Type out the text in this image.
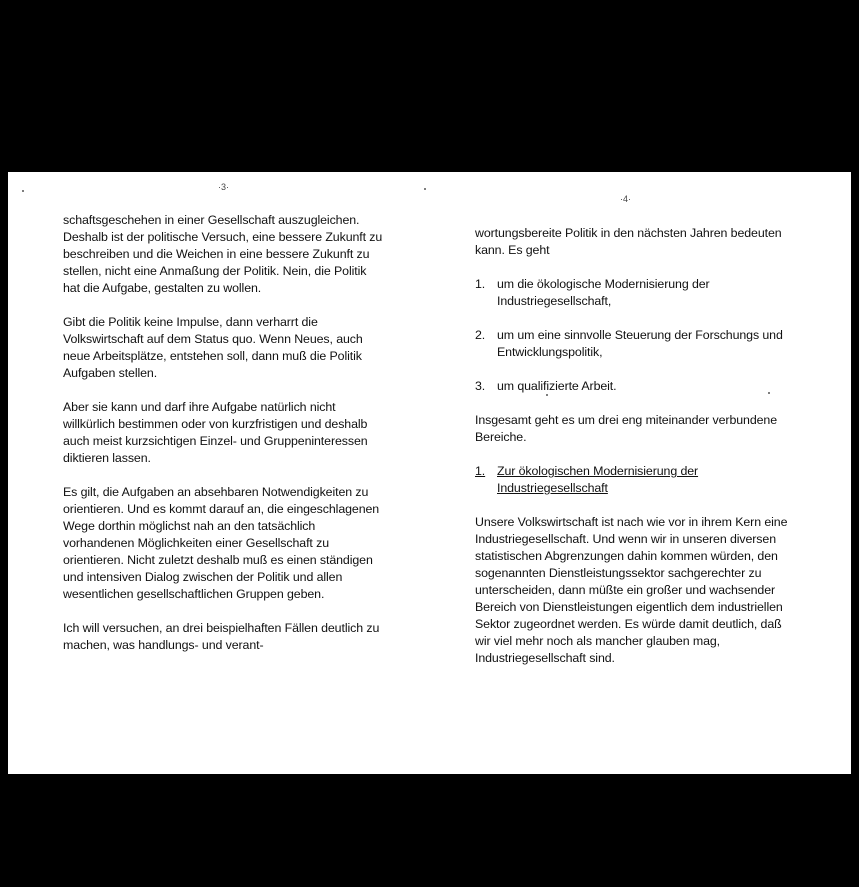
·3·

schaftsgeschehen in einer Gesellschaft auszugleichen. Deshalb ist der politische Versuch, eine bessere Zukunft zu beschreiben und die Weichen in eine bessere Zukunft zu stellen, nicht eine Anmaßung der Politik. Nein, die Politik hat die Aufgabe, gestalten zu wollen.

Gibt die Politik keine Impulse, dann verharrt die Volkswirtschaft auf dem Status quo. Wenn Neues, auch neue Arbeitsplätze, entstehen soll, dann muß die Politik Aufgaben stellen.

Aber sie kann und darf ihre Aufgabe natürlich nicht willkürlich bestimmen oder von kurzfristigen und deshalb auch meist kurzsichtigen Einzel- und Gruppeninteressen diktieren lassen.

Es gilt, die Aufgaben an absehbaren Notwendigkeiten zu orientieren. Und es kommt darauf an, die eingeschlagenen Wege dorthin möglichst nah an den tatsächlich vorhandenen Möglichkeiten einer Gesellschaft zu orientieren. Nicht zuletzt deshalb muß es einen ständigen und intensiven Dialog zwischen der Politik und allen wesentlichen gesellschaftlichen Gruppen geben.

Ich will versuchen, an drei beispielhaften Fällen deutlich zu machen, was handlungs- und verant-

·4·

wortungsbereite Politik in den nächsten Jahren bedeuten kann. Es geht

1. um die ökologische Modernisierung der Industriegesellschaft,
2. um um eine sinnvolle Steuerung der Forschungs und Entwicklungspolitik,
3. um qualifizierte Arbeit.

Insgesamt geht es um drei eng miteinander verbundene Bereiche.

1. Zur ökologischen Modernisierung der Industriegesellschaft

Unsere Volkswirtschaft ist nach wie vor in ihrem Kern eine Industriegesellschaft. Und wenn wir in unseren diversen statistischen Abgrenzungen dahin kommen würden, den sogenannten Dienstleistungssektor sachgerechter zu unterscheiden, dann müßte ein großer und wachsender Bereich von Dienstleistungen eigentlich dem industriellen Sektor zugeordnet werden. Es würde damit deutlich, daß wir viel mehr noch als mancher glauben mag, Industriegesellschaft sind.
